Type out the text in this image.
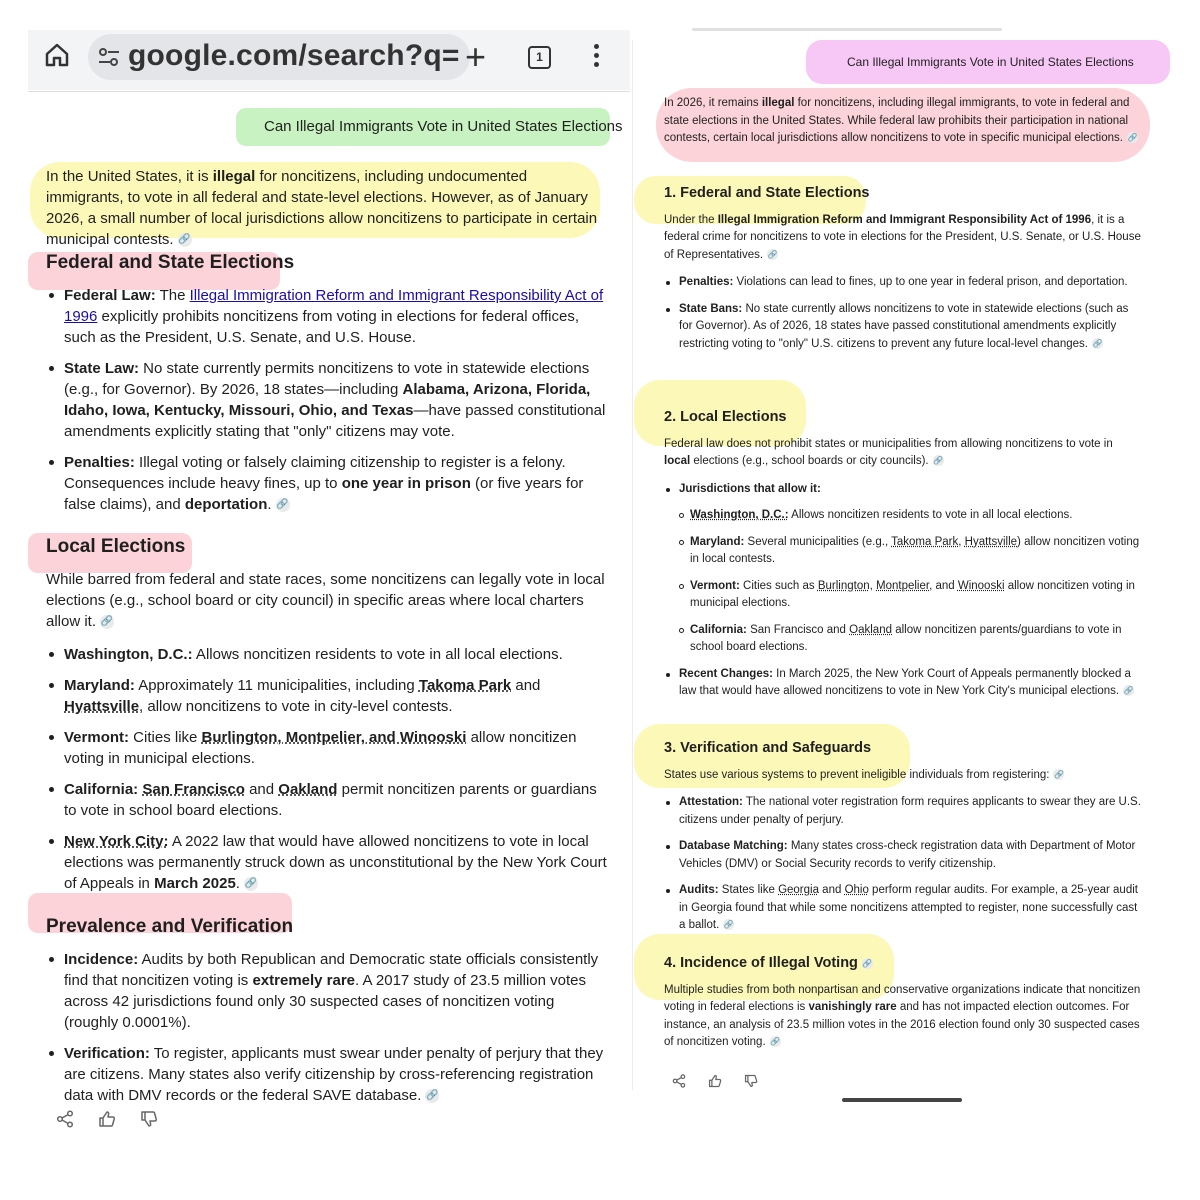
google.com/search?q= +	1
Can Illegal Immigrants Vote in United States Elections

In the United States, it is illegal for noncitizens, including undocumented immigrants, to vote in all federal and state-level elections. However, as of January 2026, a small number of local jurisdictions allow noncitizens to participate in certain municipal contests. 🔗

Federal and State Elections
Federal Law: The Illegal Immigration Reform and Immigrant Responsibility Act of 1996 explicitly prohibits noncitizens from voting in elections for federal offices, such as the President, U.S. Senate, and U.S. House.
State Law: No state currently permits noncitizens to vote in statewide elections (e.g., for Governor). By 2026, 18 states—including Alabama, Arizona, Florida, Idaho, Iowa, Kentucky, Missouri, Ohio, and Texas—have passed constitutional amendments explicitly stating that "only" citizens may vote.
Penalties: Illegal voting or falsely claiming citizenship to register is a felony. Consequences include heavy fines, up to one year in prison (or five years for false claims), and deportation. 🔗
Local Elections

While barred from federal and state races, some noncitizens can legally vote in local elections (e.g., school board or city council) in specific areas where local charters allow it. 🔗

Washington, D.C.: Allows noncitizen residents to vote in all local elections.
Maryland: Approximately 11 municipalities, including Takoma Park and Hyattsville, allow noncitizens to vote in city-level contests.
Vermont: Cities like Burlington, Montpelier, and Winooski allow noncitizen voting in municipal elections.
California: San Francisco and Oakland permit noncitizen parents or guardians to vote in school board elections.
New York City: A 2022 law that would have allowed noncitizens to vote in local elections was permanently struck down as unconstitutional by the New York Court of Appeals in March 2025. 🔗
Prevalence and Verification
Incidence: Audits by both Republican and Democratic state officials consistently find that noncitizen voting is extremely rare. A 2017 study of 23.5 million votes across 42 jurisdictions found only 30 suspected cases of noncitizen voting (roughly 0.0001%).
Verification: To register, applicants must swear under penalty of perjury that they are citizens. Many states also verify citizenship by cross-referencing registration data with DMV records or the federal SAVE database. 🔗
Can Illegal Immigrants Vote in United States Elections

In 2026, it remains illegal for noncitizens, including illegal immigrants, to vote in federal and state elections in the United States. While federal law prohibits their participation in national contests, certain local jurisdictions allow noncitizens to vote in specific municipal elections. 🔗

1. Federal and State Elections

Under the Illegal Immigration Reform and Immigrant Responsibility Act of 1996, it is a federal crime for noncitizens to vote in elections for the President, U.S. Senate, or U.S. House of Representatives. 🔗

Penalties: Violations can lead to fines, up to one year in federal prison, and deportation.
State Bans: No state currently allows noncitizens to vote in statewide elections (such as for Governor). As of 2026, 18 states have passed constitutional amendments explicitly restricting voting to "only" U.S. citizens to prevent any future local-level changes. 🔗
2. Local Elections

Federal law does not prohibit states or municipalities from allowing noncitizens to vote in local elections (e.g., school boards or city councils). 🔗

Jurisdictions that allow it:
Washington, D.C.: Allows noncitizen residents to vote in all local elections.
Maryland: Several municipalities (e.g., Takoma Park, Hyattsville) allow noncitizen voting in local contests.
Vermont: Cities such as Burlington, Montpelier, and Winooski allow noncitizen voting in municipal elections.
California: San Francisco and Oakland allow noncitizen parents/guardians to vote in school board elections.
Recent Changes: In March 2025, the New York Court of Appeals permanently blocked a law that would have allowed noncitizens to vote in New York City's municipal elections. 🔗
3. Verification and Safeguards

States use various systems to prevent ineligible individuals from registering: 🔗

Attestation: The national voter registration form requires applicants to swear they are U.S. citizens under penalty of perjury.
Database Matching: Many states cross-check registration data with Department of Motor Vehicles (DMV) or Social Security records to verify citizenship.
Audits: States like Georgia and Ohio perform regular audits. For example, a 25-year audit in Georgia found that while some noncitizens attempted to register, none successfully cast a ballot. 🔗
4. Incidence of Illegal Voting 🔗

Multiple studies from both nonpartisan and conservative organizations indicate that noncitizen voting in federal elections is vanishingly rare and has not impacted election outcomes. For instance, an analysis of 23.5 million votes in the 2016 election found only 30 suspected cases of noncitizen voting. 🔗
